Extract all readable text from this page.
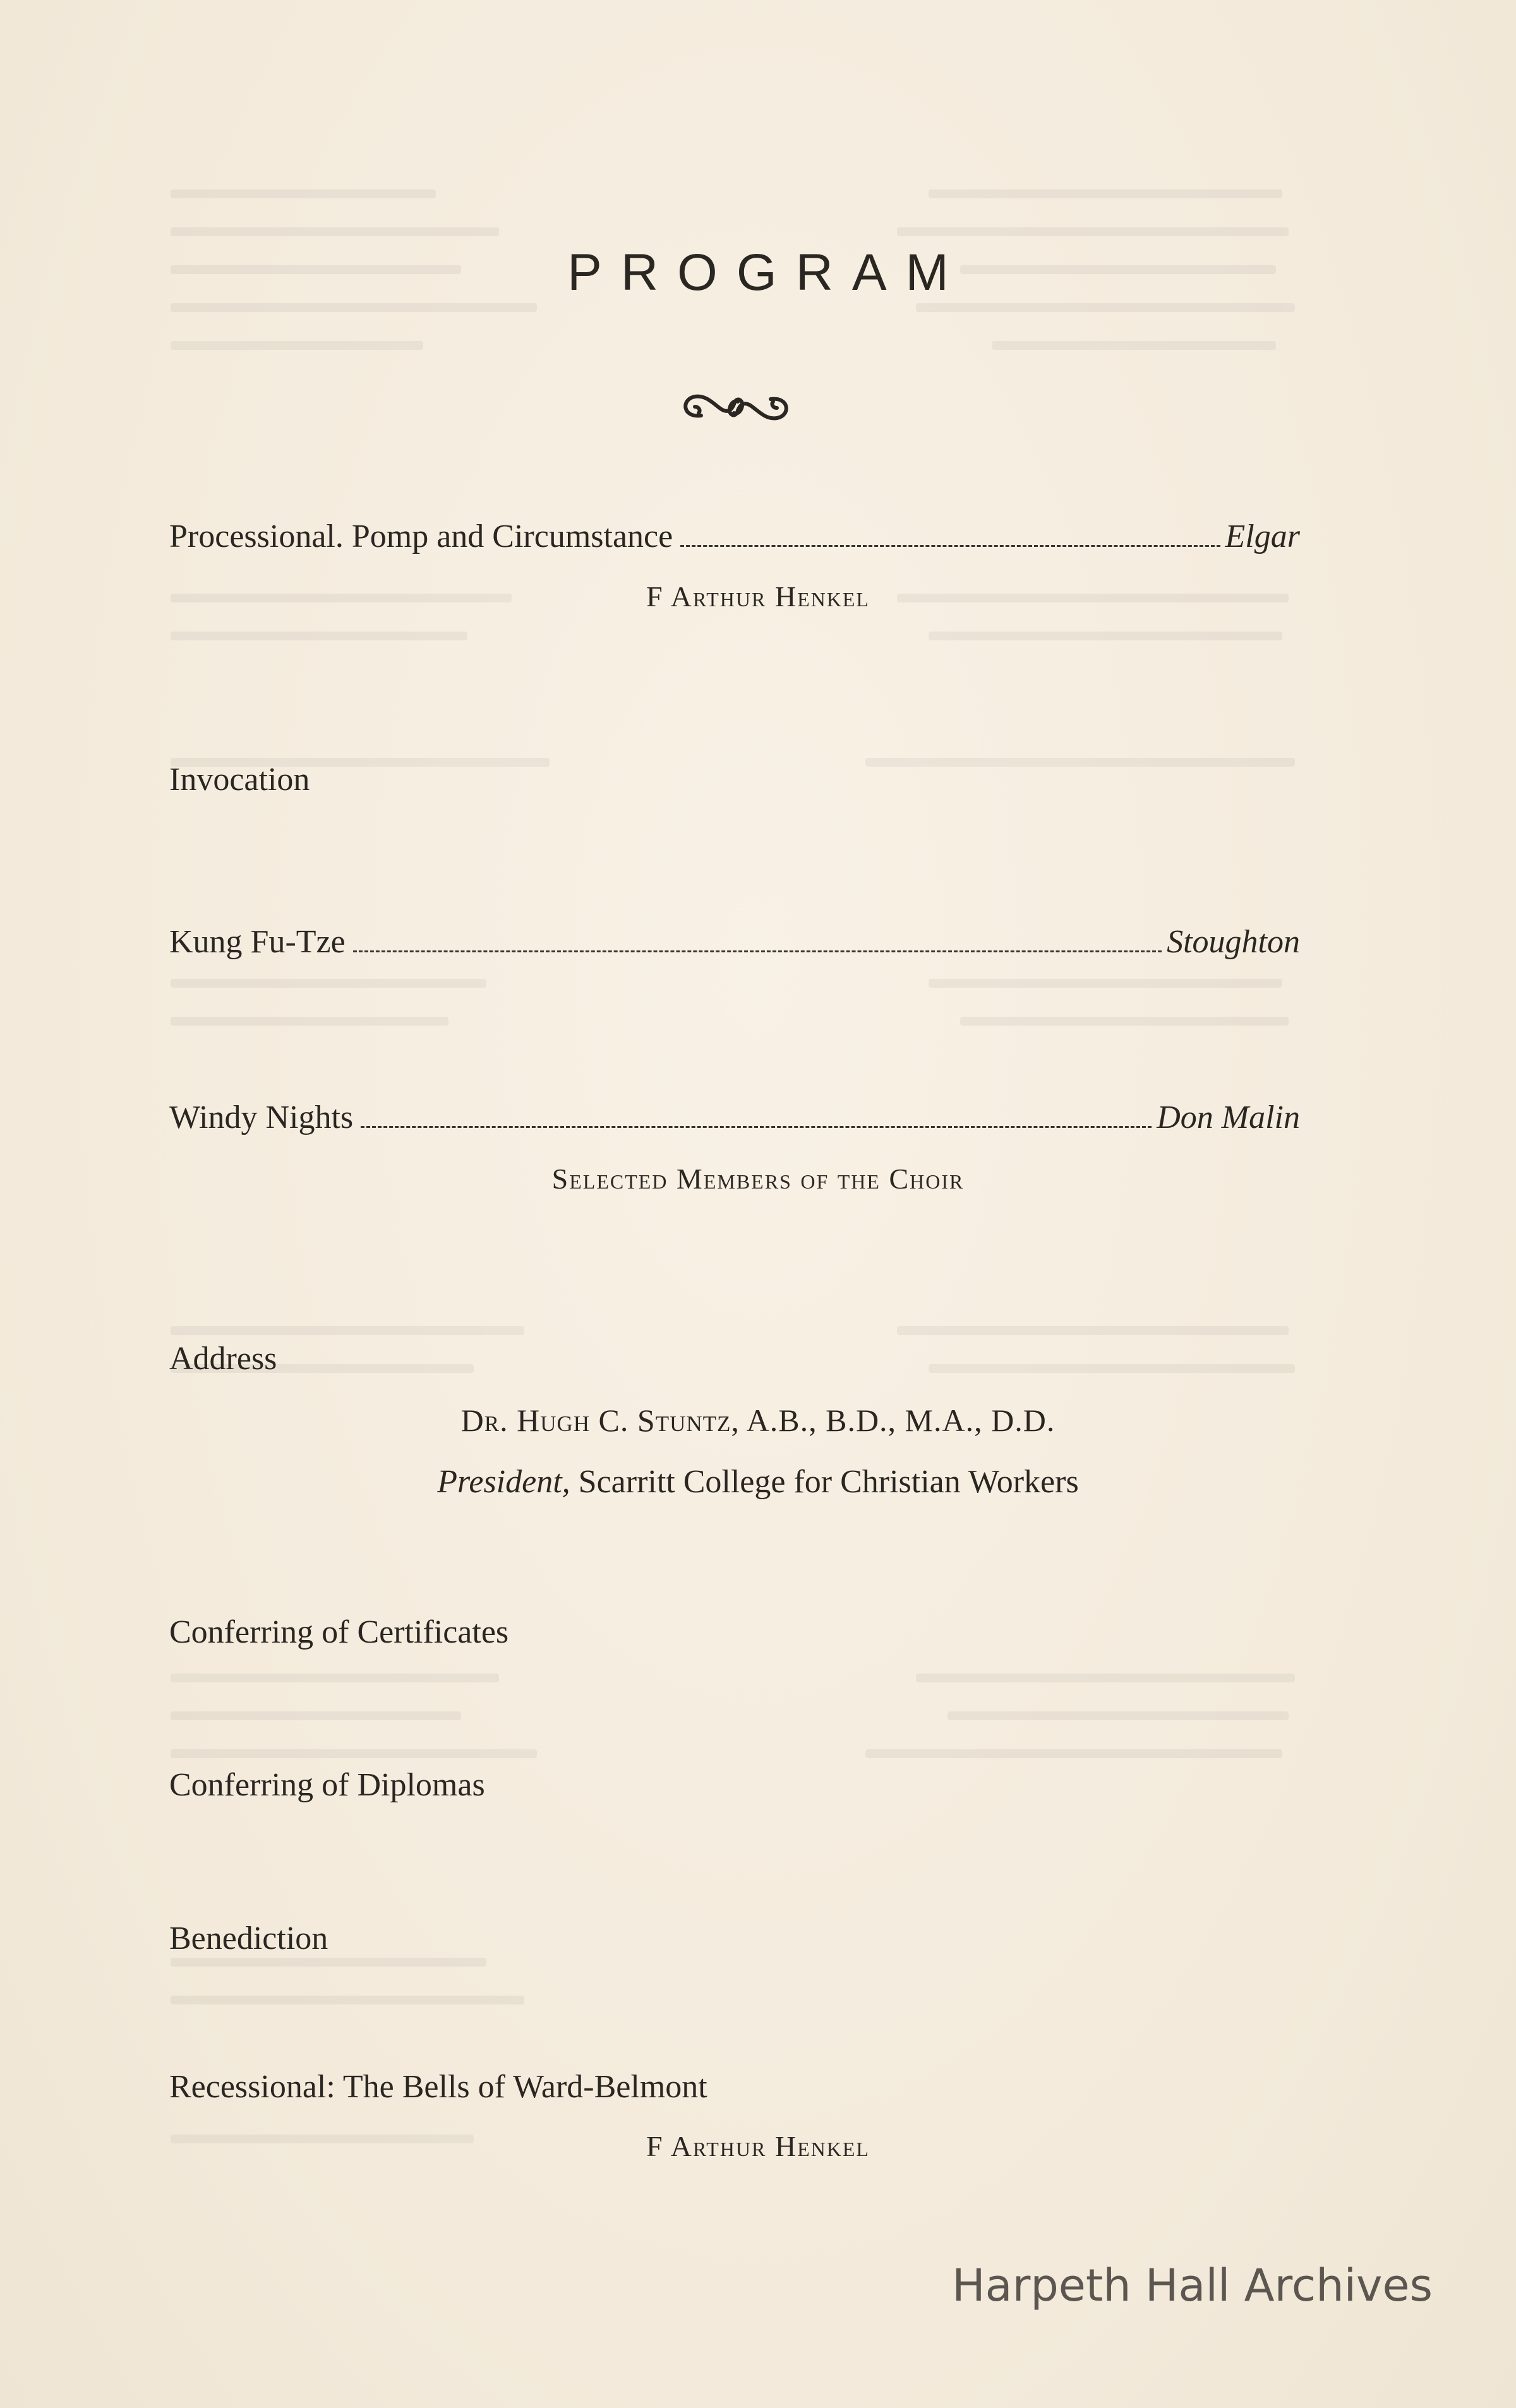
PROGRAM
Processional. Pomp and Circumstance	Elgar
F Arthur Henkel
Invocation
Kung Fu-Tze	Stoughton
Windy Nights	Don Malin
Selected Members of the Choir
Address
Dr. Hugh C. Stuntz, A.B., B.D., M.A., D.D.
President, Scarritt College for Christian Workers
Conferring of Certificates
Conferring of Diplomas
Benediction
Recessional: The Bells of Ward-Belmont
F Arthur Henkel
Harpeth Hall Archives
